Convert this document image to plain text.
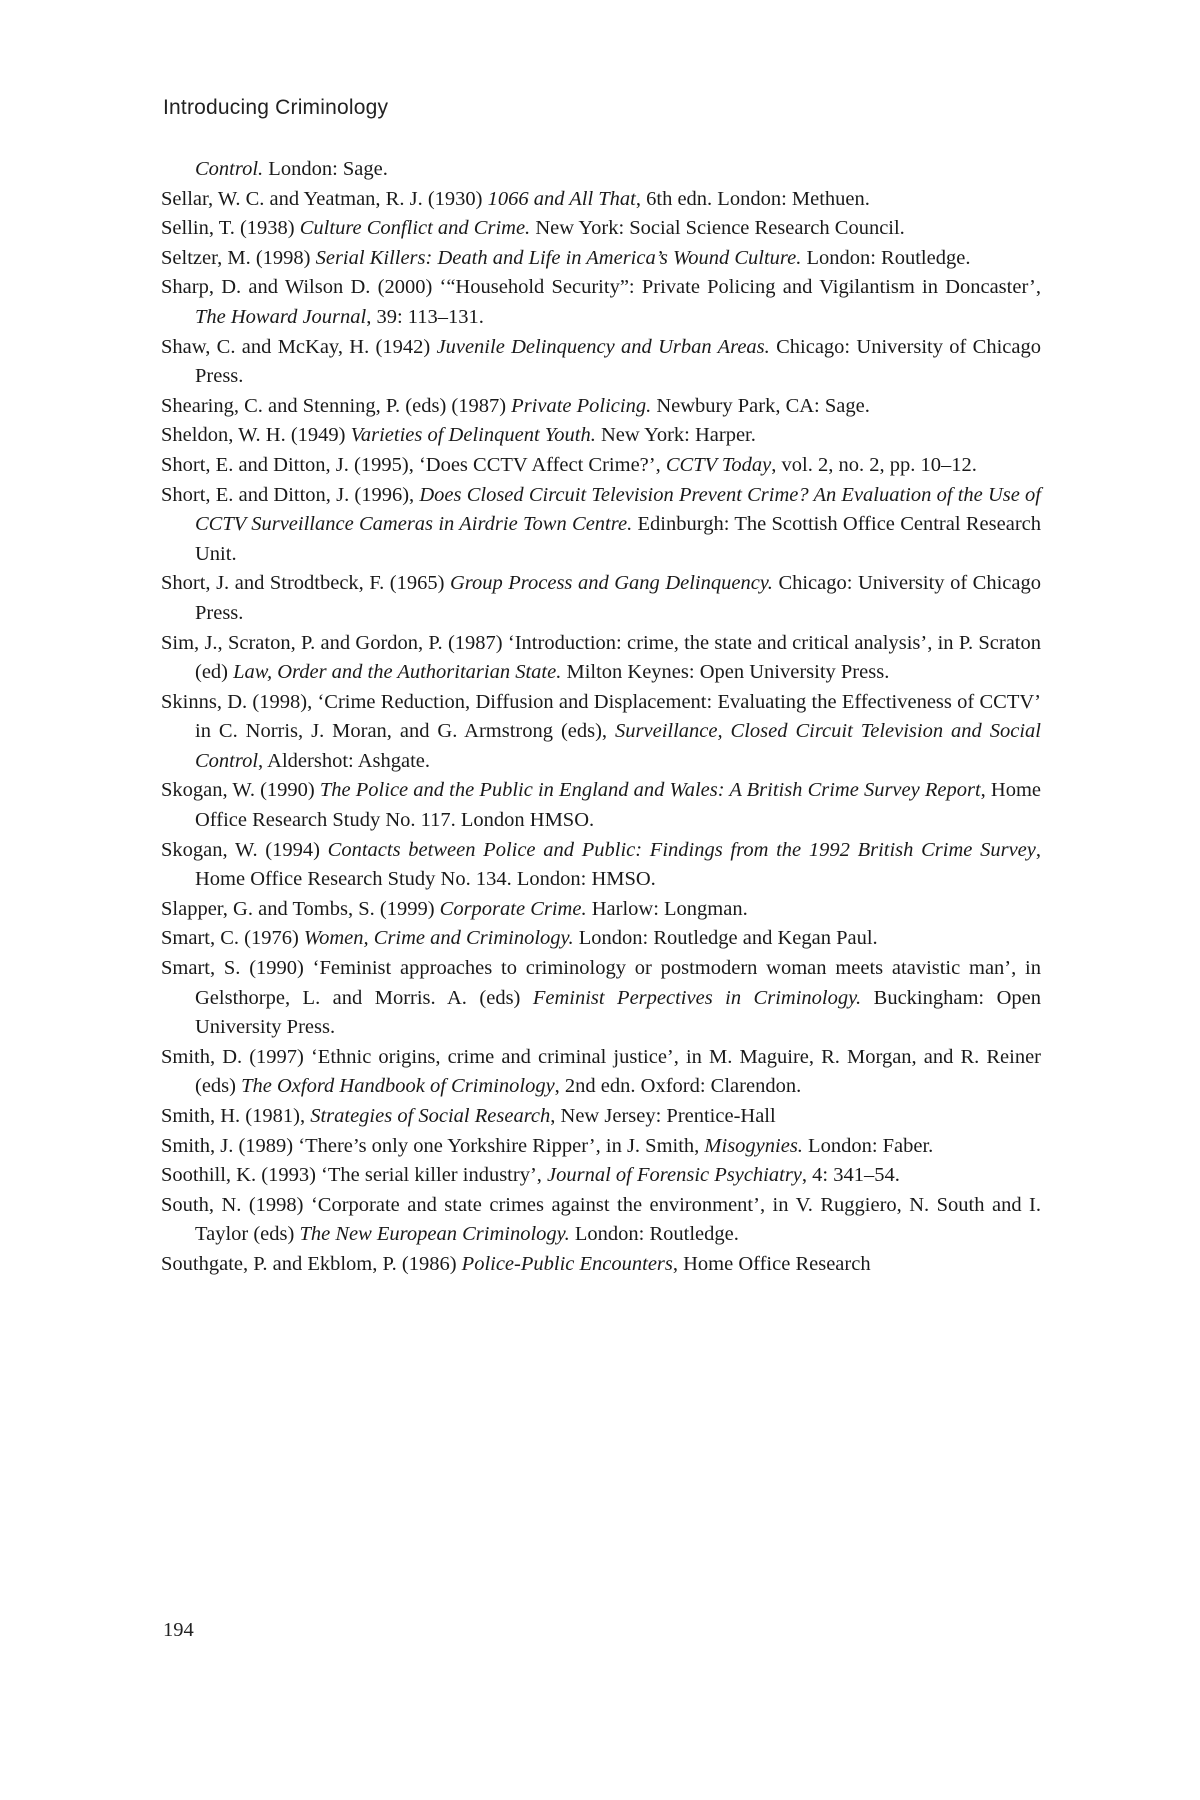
Introducing Criminology

Control. London: Sage.

Sellar, W. C. and Yeatman, R. J. (1930) 1066 and All That, 6th edn. London: Methuen.

Sellin, T. (1938) Culture Conflict and Crime. New York: Social Science Research Council.

Seltzer, M. (1998) Serial Killers: Death and Life in America’s Wound Culture. London: Routledge.

Sharp, D. and Wilson D. (2000) ‘“Household Security”: Private Policing and Vigilantism in Doncaster’, The Howard Journal, 39: 113–131.

Shaw, C. and McKay, H. (1942) Juvenile Delinquency and Urban Areas. Chicago: University of Chicago Press.

Shearing, C. and Stenning, P. (eds) (1987) Private Policing. Newbury Park, CA: Sage.

Sheldon, W. H. (1949) Varieties of Delinquent Youth. New York: Harper.

Short, E. and Ditton, J. (1995), ‘Does CCTV Affect Crime?’, CCTV Today, vol. 2, no. 2, pp. 10–12.

Short, E. and Ditton, J. (1996), Does Closed Circuit Television Prevent Crime? An Evaluation of the Use of CCTV Surveillance Cameras in Airdrie Town Centre. Edinburgh: The Scottish Office Central Research Unit.

Short, J. and Strodtbeck, F. (1965) Group Process and Gang Delinquency. Chicago: University of Chicago Press.

Sim, J., Scraton, P. and Gordon, P. (1987) ‘Introduction: crime, the state and critical analysis’, in P. Scraton (ed) Law, Order and the Authoritarian State. Milton Keynes: Open University Press.

Skinns, D. (1998), ‘Crime Reduction, Diffusion and Displacement: Evaluating the Effectiveness of CCTV’ in C. Norris, J. Moran, and G. Armstrong (eds), Surveillance, Closed Circuit Television and Social Control, Aldershot: Ashgate.

Skogan, W. (1990) The Police and the Public in England and Wales: A British Crime Survey Report, Home Office Research Study No. 117. London HMSO.

Skogan, W. (1994) Contacts between Police and Public: Findings from the 1992 British Crime Survey, Home Office Research Study No. 134. London: HMSO.

Slapper, G. and Tombs, S. (1999) Corporate Crime. Harlow: Longman.

Smart, C. (1976) Women, Crime and Criminology. London: Routledge and Kegan Paul.

Smart, S. (1990) ‘Feminist approaches to criminology or postmodern woman meets atavistic man’, in Gelsthorpe, L. and Morris. A. (eds) Feminist Perpectives in Criminology. Buckingham: Open University Press.

Smith, D. (1997) ‘Ethnic origins, crime and criminal justice’, in M. Maguire, R. Morgan, and R. Reiner (eds) The Oxford Handbook of Criminology, 2nd edn. Oxford: Clarendon.

Smith, H. (1981), Strategies of Social Research, New Jersey: Prentice-Hall

Smith, J. (1989) ‘There’s only one Yorkshire Ripper’, in J. Smith, Misogynies. London: Faber.

Soothill, K. (1993) ‘The serial killer industry’, Journal of Forensic Psychiatry, 4: 341–54.

South, N. (1998) ‘Corporate and state crimes against the environment’, in V. Ruggiero, N. South and I. Taylor (eds) The New European Criminology. London: Routledge.

Southgate, P. and Ekblom, P. (1986) Police-Public Encounters, Home Office Research

194
